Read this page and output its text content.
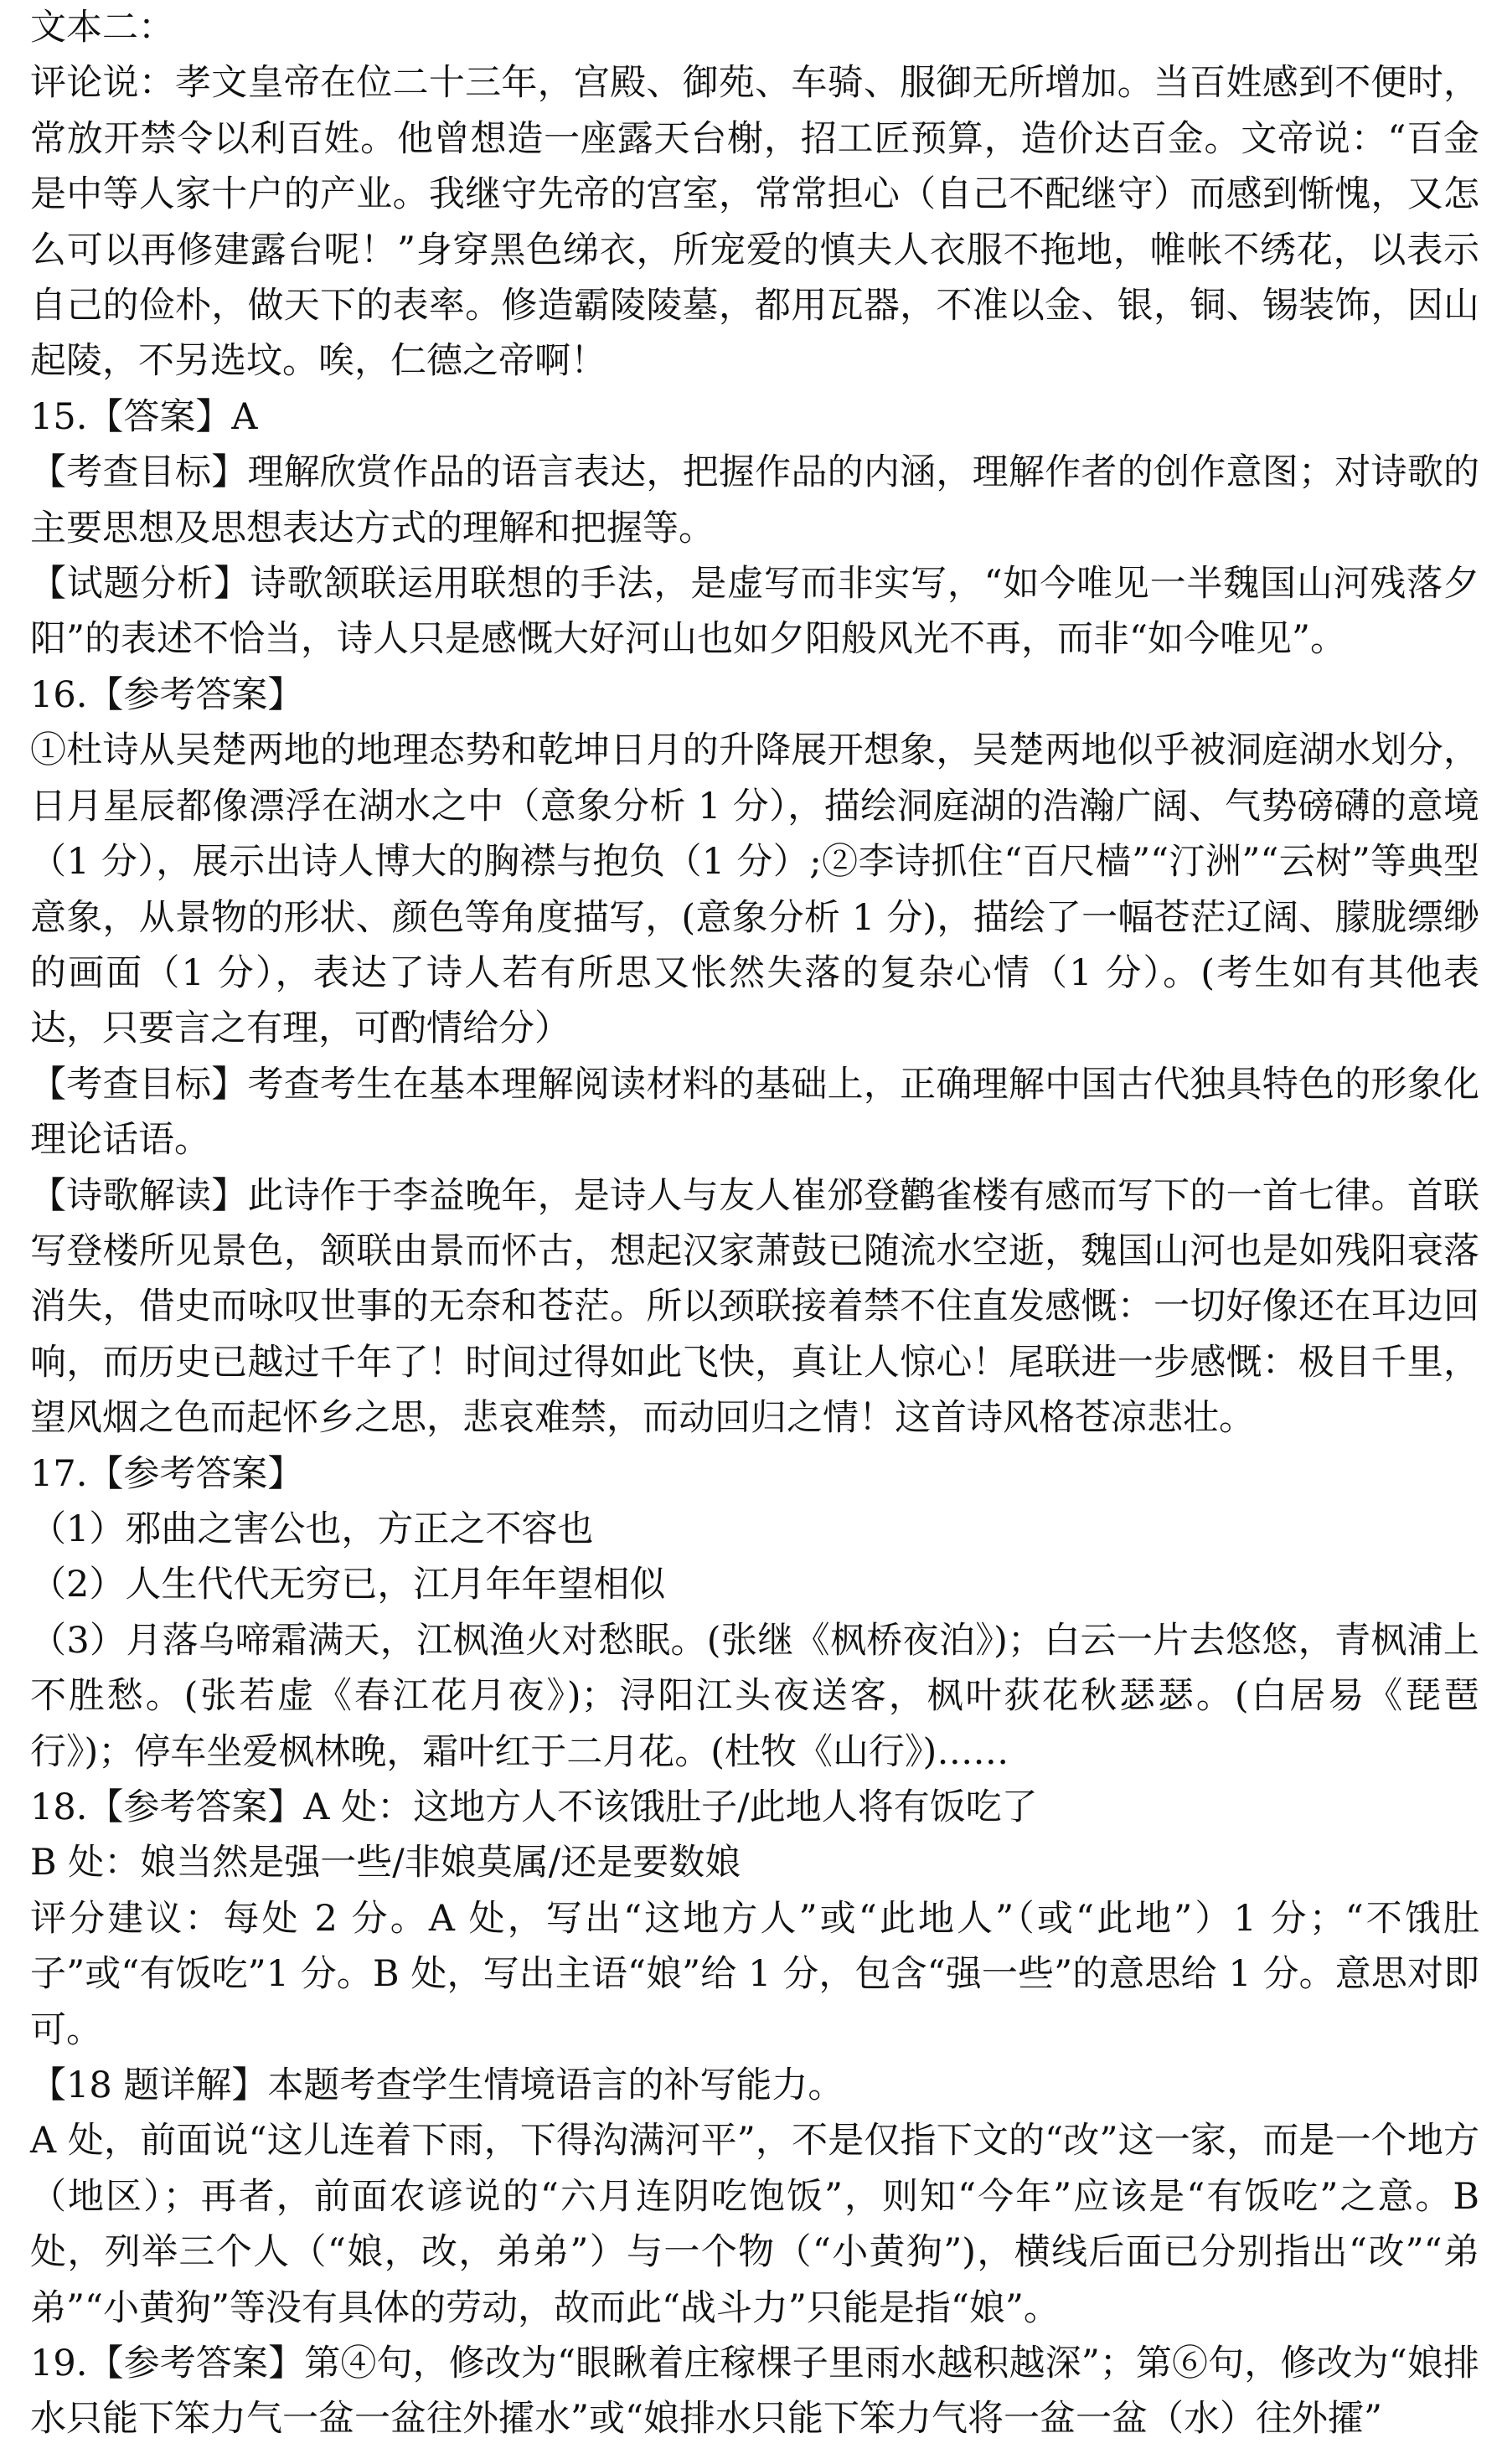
文本二：

评论说：孝文皇帝在位二十三年，宫殿、御苑、车骑、服御无所增加。当百姓感到不便时，常放开禁令以利百姓。他曾想造一座露天台榭，招工匠预算，造价达百金。文帝说：“百金是中等人家十户的产业。我继守先帝的宫室，常常担心（自己不配继守）而感到惭愧，又怎么可以再修建露台呢！”身穿黑色绨衣，所宠爱的慎夫人衣服不拖地，帷帐不绣花，以表示自己的俭朴，做天下的表率。修造霸陵陵墓，都用瓦器，不准以金、银，铜、锡装饰，因山起陵，不另选坟。唉，仁德之帝啊！

15.【答案】A

【考查目标】理解欣赏作品的语言表达，把握作品的内涵，理解作者的创作意图；对诗歌的主要思想及思想表达方式的理解和把握等。

【试题分析】诗歌颔联运用联想的手法，是虚写而非实写，“如今唯见一半魏国山河残落夕阳”的表述不恰当，诗人只是感慨大好河山也如夕阳般风光不再，而非“如今唯见”。

16.【参考答案】

①杜诗从吴楚两地的地理态势和乾坤日月的升降展开想象，吴楚两地似乎被洞庭湖水划分，日月星辰都像漂浮在湖水之中（意象分析 1 分），描绘洞庭湖的浩瀚广阔、气势磅礴的意境（1 分），展示出诗人博大的胸襟与抱负（1 分）;②李诗抓住“百尺樯”“汀洲”“云树”等典型意象，从景物的形状、颜色等角度描写，(意象分析 1 分)，描绘了一幅苍茫辽阔、朦胧缥缈的画面（1 分），表达了诗人若有所思又怅然失落的复杂心情（1 分）。(考生如有其他表达，只要言之有理，可酌情给分）

【考查目标】考查考生在基本理解阅读材料的基础上，正确理解中国古代独具特色的形象化理论话语。

【诗歌解读】此诗作于李益晚年，是诗人与友人崔邠登鹳雀楼有感而写下的一首七律。首联写登楼所见景色，颔联由景而怀古，想起汉家萧鼓已随流水空逝，魏国山河也是如残阳衰落消失，借史而咏叹世事的无奈和苍茫。所以颈联接着禁不住直发感慨：一切好像还在耳边回响，而历史已越过千年了！时间过得如此飞快，真让人惊心！尾联进一步感慨：极目千里，望风烟之色而起怀乡之思，悲哀难禁，而动回归之情！这首诗风格苍凉悲壮。

17.【参考答案】

（1）邪曲之害公也，方正之不容也

（2）人生代代无穷已，江月年年望相似

（3）月落乌啼霜满天，江枫渔火对愁眠。(张继《枫桥夜泊》)；白云一片去悠悠，青枫浦上不胜愁。(张若虚《春江花月夜》)；浔阳江头夜送客，枫叶荻花秋瑟瑟。(白居易《琵琶行》)；停车坐爱枫林晚，霜叶红于二月花。(杜牧《山行》)……

18.【参考答案】A 处：这地方人不该饿肚子/此地人将有饭吃了

B 处：娘当然是强一些/非娘莫属/还是要数娘

评分建议：每处 2 分。A 处，写出“这地方人”或“此地人”（或“此地”）1 分；“不饿肚子”或“有饭吃”1 分。B 处，写出主语“娘”给 1 分，包含“强一些”的意思给 1 分。意思对即可。

【18 题详解】本题考查学生情境语言的补写能力。

A 处，前面说“这儿连着下雨，下得沟满河平”，不是仅指下文的“改”这一家，而是一个地方（地区）；再者，前面农谚说的“六月连阴吃饱饭”，则知“今年”应该是“有饭吃”之意。B 处，列举三个人（“娘，改，弟弟”）与一个物（“小黄狗”)，横线后面已分别指出“改”“弟弟”“小黄狗”等没有具体的劳动，故而此“战斗力”只能是指“娘”。

19.【参考答案】第④句，修改为“眼瞅着庄稼棵子里雨水越积越深”；第⑥句，修改为“娘排水只能下笨力气一盆一盆往外攉水”或“娘排水只能下笨力气将一盆一盆（水）往外攉”
